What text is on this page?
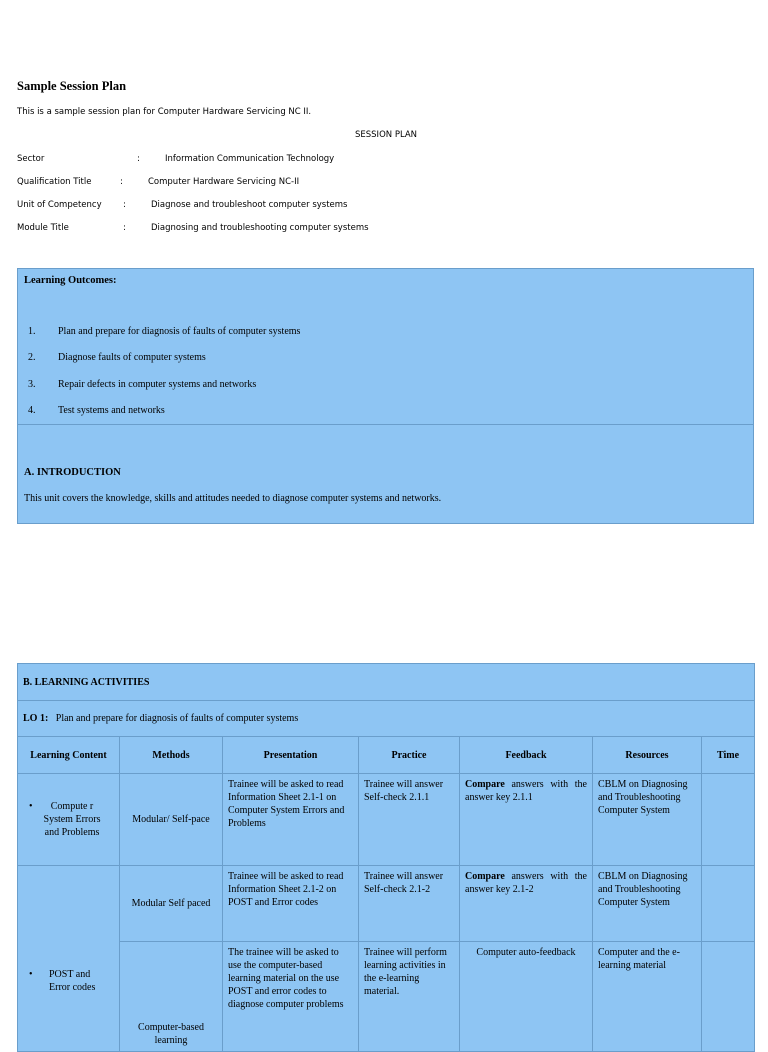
Sample Session Plan
This is a sample session plan for Computer Hardware Servicing NC II.
SESSION PLAN
Sector	:	Information Communication Technology
Qualification Title	:	Computer Hardware Servicing NC-II
Unit of Competency	:	Diagnose and troubleshoot computer systems
Module Title	:	Diagnosing and troubleshooting computer systems
Learning Outcomes:
1. Plan and prepare for diagnosis of faults of computer systems
2. Diagnose faults of computer systems
3. Repair defects in computer systems and networks
4. Test systems and networks
A. INTRODUCTION
This unit covers the knowledge, skills and attitudes needed to diagnose computer systems and networks.
B. LEARNING ACTIVITIES						
LO 1: Plan and prepare for diagnosis of faults of computer systems						
Learning Content	Methods	Presentation	Practice	Feedback	Resources	Time

• Compute r System Errors and Problems	Modular/ Self-pace	Trainee will be asked to read Information Sheet 2.1-1 on Computer System Errors and Problems	Trainee will answer Self-check 2.1.1	Compare answers with the answer key 2.1.1	CBLM on Diagnosing and Troubleshooting Computer System	

• POST and Error codes	Modular Self paced	Trainee will be asked to read Information Sheet 2.1-2 on POST and Error codes	Trainee will answer Self-check 2.1-2	Compare answers with the answer key 2.1-2	CBLM on Diagnosing and Troubleshooting Computer System	
	Computer-based learning	The trainee will be asked to use the computer-based learning material on the use POST and error codes to diagnose computer problems	Trainee will perform learning activities in the e-learning material.	Computer auto-feedback	Computer and the e-learning material	
